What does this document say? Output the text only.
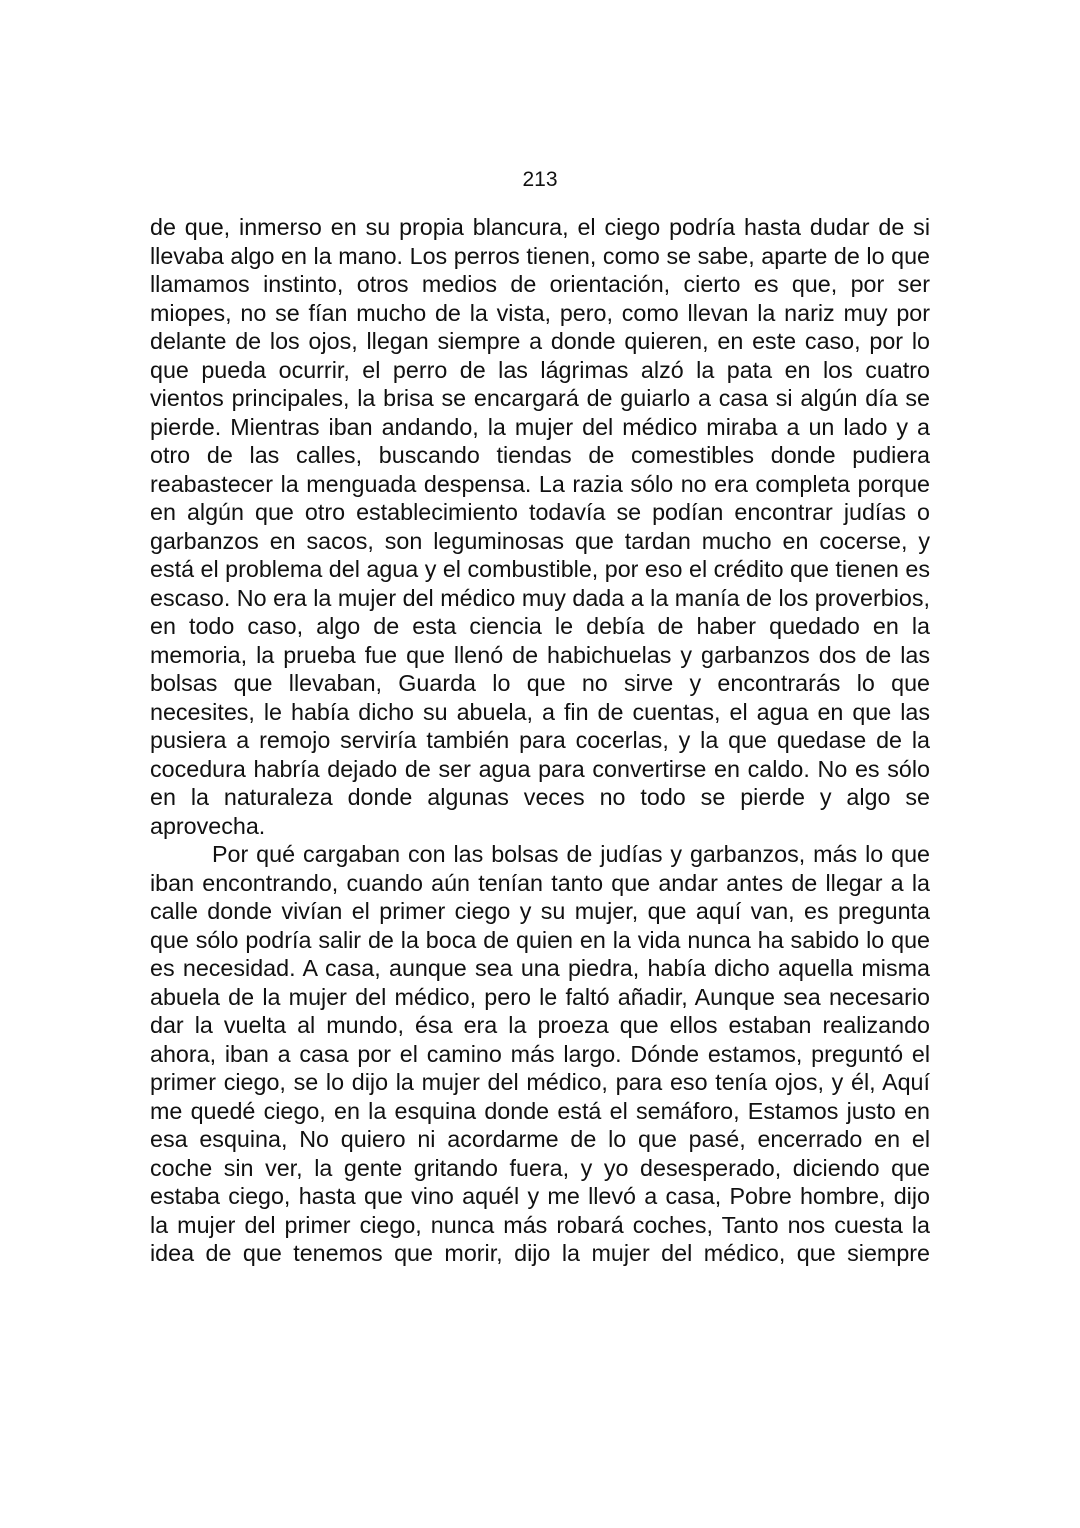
213

de que, inmerso en su propia blancura, el ciego podría hasta dudar de si llevaba algo en la mano. Los perros tienen, como se sabe, aparte de lo que llamamos instinto, otros medios de orientación, cierto es que, por ser miopes, no se fían mucho de la vista, pero, como llevan la nariz muy por delante de los ojos, llegan siempre a donde quieren, en este caso, por lo que pueda ocurrir, el perro de las lágrimas alzó la pata en los cuatro vientos principales, la brisa se encargará de guiarlo a casa si algún día se pierde. Mientras iban andando, la mujer del médico miraba a un lado y a otro de las calles, buscando tiendas de comestibles donde pudiera reabastecer la menguada despensa. La razia sólo no era completa porque en algún que otro establecimiento todavía se podían encontrar judías o garbanzos en sacos, son leguminosas que tardan mucho en cocerse, y está el problema del agua y el combustible, por eso el crédito que tienen es escaso. No era la mujer del médico muy dada a la manía de los proverbios, en todo caso, algo de esta ciencia le debía de haber quedado en la memoria, la prueba fue que llenó de habichuelas y garbanzos dos de las bolsas que llevaban, Guarda lo que no sirve y encontrarás lo que necesites, le había dicho su abuela, a fin de cuentas, el agua en que las pusiera a remojo serviría también para cocerlas, y la que quedase de la cocedura habría dejado de ser agua para convertirse en caldo. No es sólo en la naturaleza donde algunas veces no todo se pierde y algo se aprovecha.

Por qué cargaban con las bolsas de judías y garbanzos, más lo que iban encontrando, cuando aún tenían tanto que andar antes de llegar a la calle donde vivían el primer ciego y su mujer, que aquí van, es pregunta que sólo podría salir de la boca de quien en la vida nunca ha sabido lo que es necesidad. A casa, aunque sea una piedra, había dicho aquella misma abuela de la mujer del médico, pero le faltó añadir, Aunque sea necesario dar la vuelta al mundo, ésa era la proeza que ellos estaban realizando ahora, iban a casa por el camino más largo. Dónde estamos, preguntó el primer ciego, se lo dijo la mujer del médico, para eso tenía ojos, y él, Aquí me quedé ciego, en la esquina donde está el semáforo, Estamos justo en esa esquina, No quiero ni acordarme de lo que pasé, encerrado en el coche sin ver, la gente gritando fuera, y yo desesperado, diciendo que estaba ciego, hasta que vino aquél y me llevó a casa, Pobre hombre, dijo la mujer del primer ciego, nunca más robará coches, Tanto nos cuesta la idea de que tenemos que morir, dijo la mujer del médico, que siempre
